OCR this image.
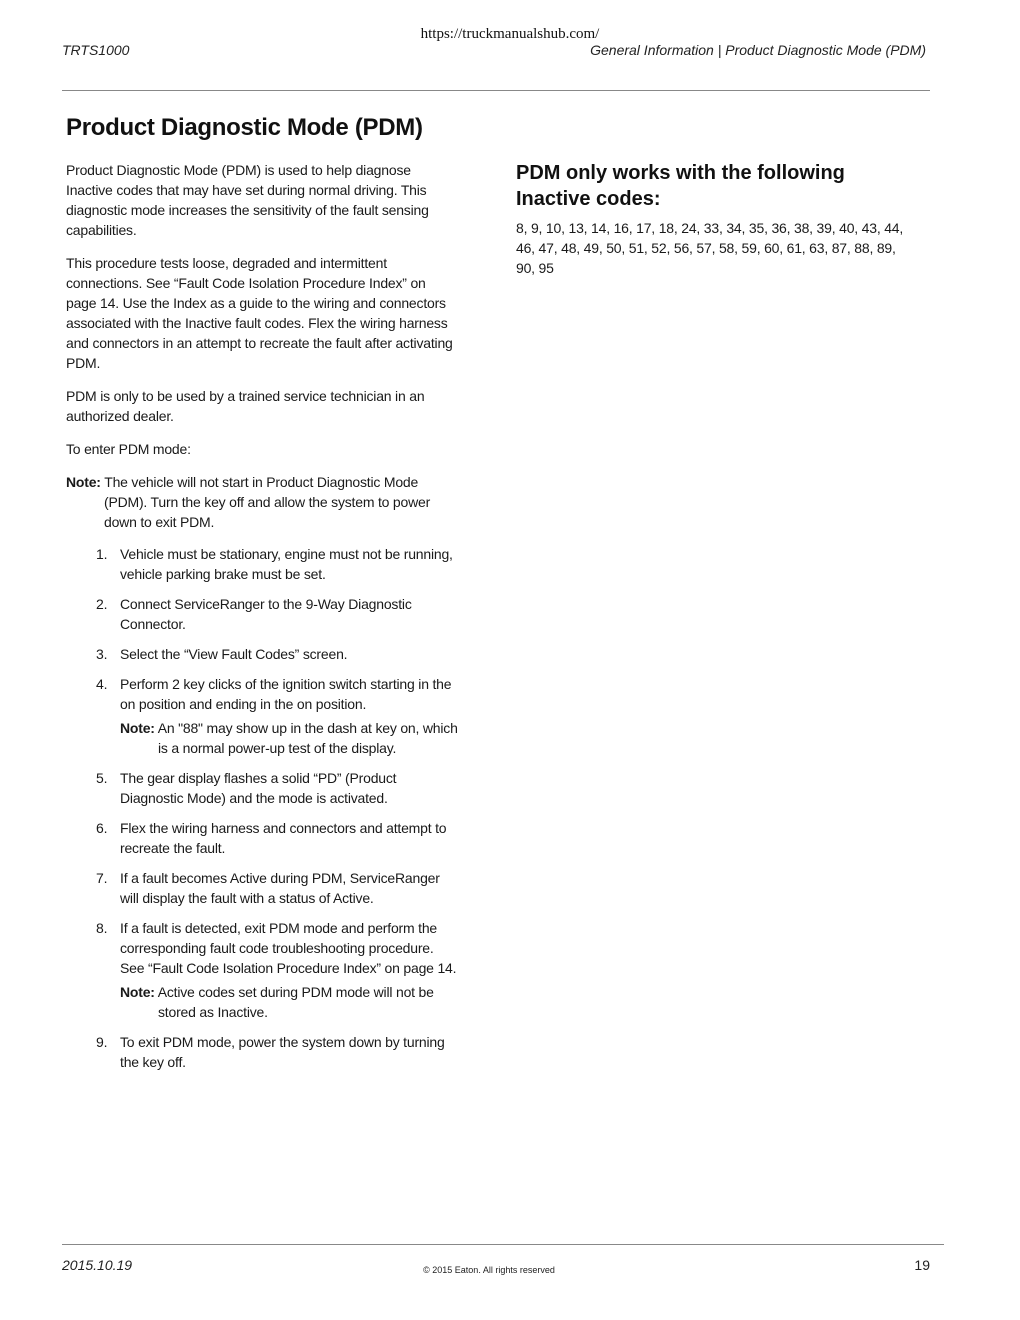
https://truckmanualshub.com/
TRTS1000	General Information | Product Diagnostic Mode (PDM)
Product Diagnostic Mode (PDM)

Product Diagnostic Mode (PDM) is used to help diagnose Inactive codes that may have set during normal driving. This diagnostic mode increases the sensitivity of the fault sensing capabilities.

This procedure tests loose, degraded and intermittent connections. See “Fault Code Isolation Procedure Index” on page 14. Use the Index as a guide to the wiring and connectors associated with the Inactive fault codes. Flex the wiring harness and connectors in an attempt to recreate the fault after activating PDM.

PDM is only to be used by a trained service technician in an authorized dealer.

To enter PDM mode:

Note: The vehicle will not start in Product Diagnostic Mode (PDM). Turn the key off and allow the system to power down to exit PDM.
1. Vehicle must be stationary, engine must not be running, vehicle parking brake must be set.
2. Connect ServiceRanger to the 9-Way Diagnostic Connector.
3. Select the “View Fault Codes” screen.
4. Perform 2 key clicks of the ignition switch starting in the on position and ending in the on position.
Note: An "88" may show up in the dash at key on, which is a normal power-up test of the display.
5. The gear display flashes a solid “PD” (Product Diagnostic Mode) and the mode is activated.
6. Flex the wiring harness and connectors and attempt to recreate the fault.
7. If a fault becomes Active during PDM, ServiceRanger will display the fault with a status of Active.
8. If a fault is detected, exit PDM mode and perform the corresponding fault code troubleshooting procedure. See “Fault Code Isolation Procedure Index” on page 14.
Note: Active codes set during PDM mode will not be stored as Inactive.
9. To exit PDM mode, power the system down by turning the key off.
PDM only works with the following Inactive codes:

8, 9, 10, 13, 14, 16, 17, 18, 24, 33, 34, 35, 36, 38, 39, 40, 43, 44, 46, 47, 48, 49, 50, 51, 52, 56, 57, 58, 59, 60, 61, 63, 87, 88, 89, 90, 95

2015.10.19	© 2015 Eaton. All rights reserved	19
